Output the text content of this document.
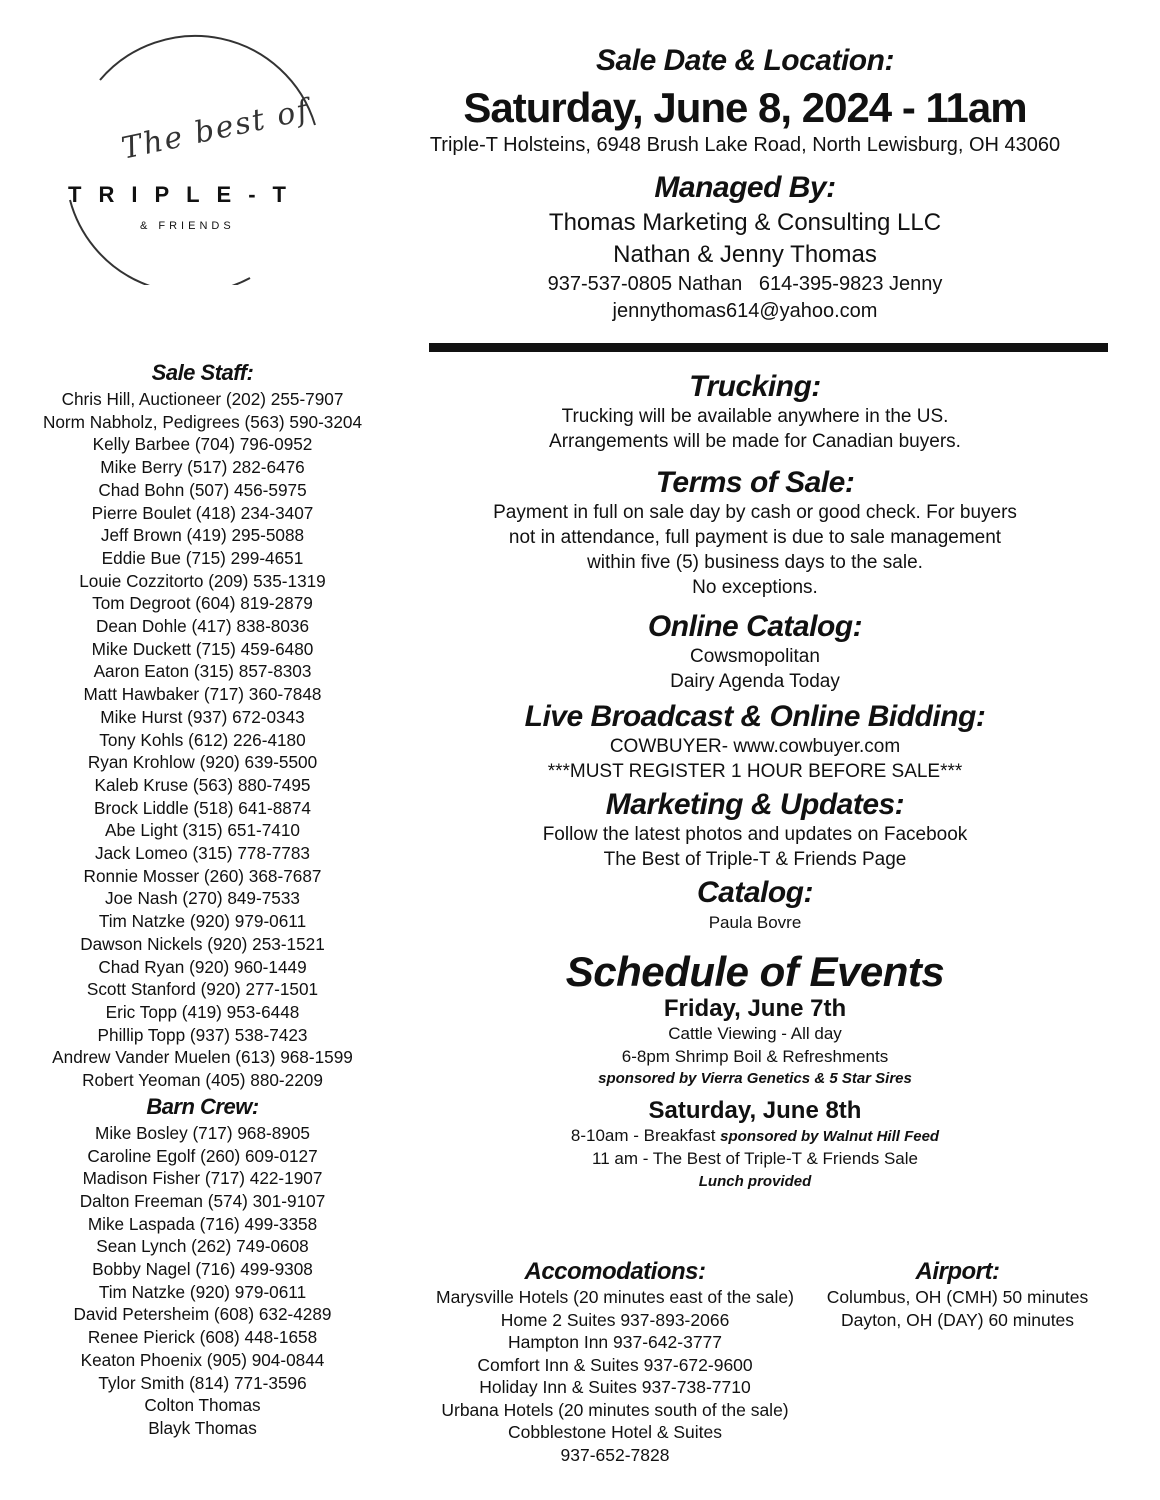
The best of
TRIPLE-T
& FRIENDS
Sale Date & Location:
Saturday, June 8, 2024 - 11am
Triple-T Holsteins, 6948 Brush Lake Road, North Lewisburg, OH 43060
Managed By:
Thomas Marketing & Consulting LLC
Nathan & Jenny Thomas
937-537-0805 Nathan   614-395-9823 Jenny
jennythomas614@yahoo.com
Sale Staff:
Chris Hill, Auctioneer (202) 255-7907
Norm Nabholz, Pedigrees (563) 590-3204
Kelly Barbee (704) 796-0952
Mike Berry (517) 282-6476
Chad Bohn (507) 456-5975
Pierre Boulet (418) 234-3407
Jeff Brown (419) 295-5088
Eddie Bue (715) 299-4651
Louie Cozzitorto (209) 535-1319
Tom Degroot (604) 819-2879
Dean Dohle (417) 838-8036
Mike Duckett (715) 459-6480
Aaron Eaton (315) 857-8303
Matt Hawbaker (717) 360-7848
Mike Hurst (937) 672-0343
Tony Kohls (612) 226-4180
Ryan Krohlow (920) 639-5500
Kaleb Kruse (563) 880-7495
Brock Liddle (518) 641-8874
Abe Light (315) 651-7410
Jack Lomeo (315) 778-7783
Ronnie Mosser (260) 368-7687
Joe Nash (270) 849-7533
Tim Natzke (920) 979-0611
Dawson Nickels (920) 253-1521
Chad Ryan (920) 960-1449
Scott Stanford (920) 277-1501
Eric Topp (419) 953-6448
Phillip Topp (937) 538-7423
Andrew Vander Muelen (613) 968-1599
Robert Yeoman (405) 880-2209
Barn Crew:
Mike Bosley (717) 968-8905
Caroline Egolf (260) 609-0127
Madison Fisher (717) 422-1907
Dalton Freeman (574) 301-9107
Mike Laspada (716) 499-3358
Sean Lynch (262) 749-0608
Bobby Nagel (716) 499-9308
Tim Natzke (920) 979-0611
David Petersheim (608) 632-4289
Renee Pierick (608) 448-1658
Keaton Phoenix (905) 904-0844
Tylor Smith (814) 771-3596
Colton Thomas
Blayk Thomas
Trucking:
Trucking will be available anywhere in the US.
Arrangements will be made for Canadian buyers.
Terms of Sale:
Payment in full on sale day by cash or good check. For buyers
not in attendance, full payment is due to sale management
within five (5) business days to the sale.
No exceptions.
Online Catalog:
Cowsmopolitan
Dairy Agenda Today
Live Broadcast & Online Bidding:
COWBUYER- www.cowbuyer.com
***MUST REGISTER 1 HOUR BEFORE SALE***
Marketing & Updates:
Follow the latest photos and updates on Facebook
The Best of Triple-T & Friends Page
Catalog:
Paula Bovre
Schedule of Events
Friday, June 7th
Cattle Viewing - All day
6-8pm Shrimp Boil & Refreshments
sponsored by Vierra Genetics & 5 Star Sires
Saturday, June 8th
8-10am - Breakfast sponsored by Walnut Hill Feed
11 am - The Best of Triple-T & Friends Sale
Lunch provided
Accomodations:
Marysville Hotels (20 minutes east of the sale)
Home 2 Suites 937-893-2066
Hampton Inn 937-642-3777
Comfort Inn & Suites 937-672-9600
Holiday Inn & Suites 937-738-7710
Urbana Hotels (20 minutes south of the sale)
Cobblestone Hotel & Suites
937-652-7828
Airport:
Columbus, OH (CMH) 50 minutes
Dayton, OH (DAY) 60 minutes
